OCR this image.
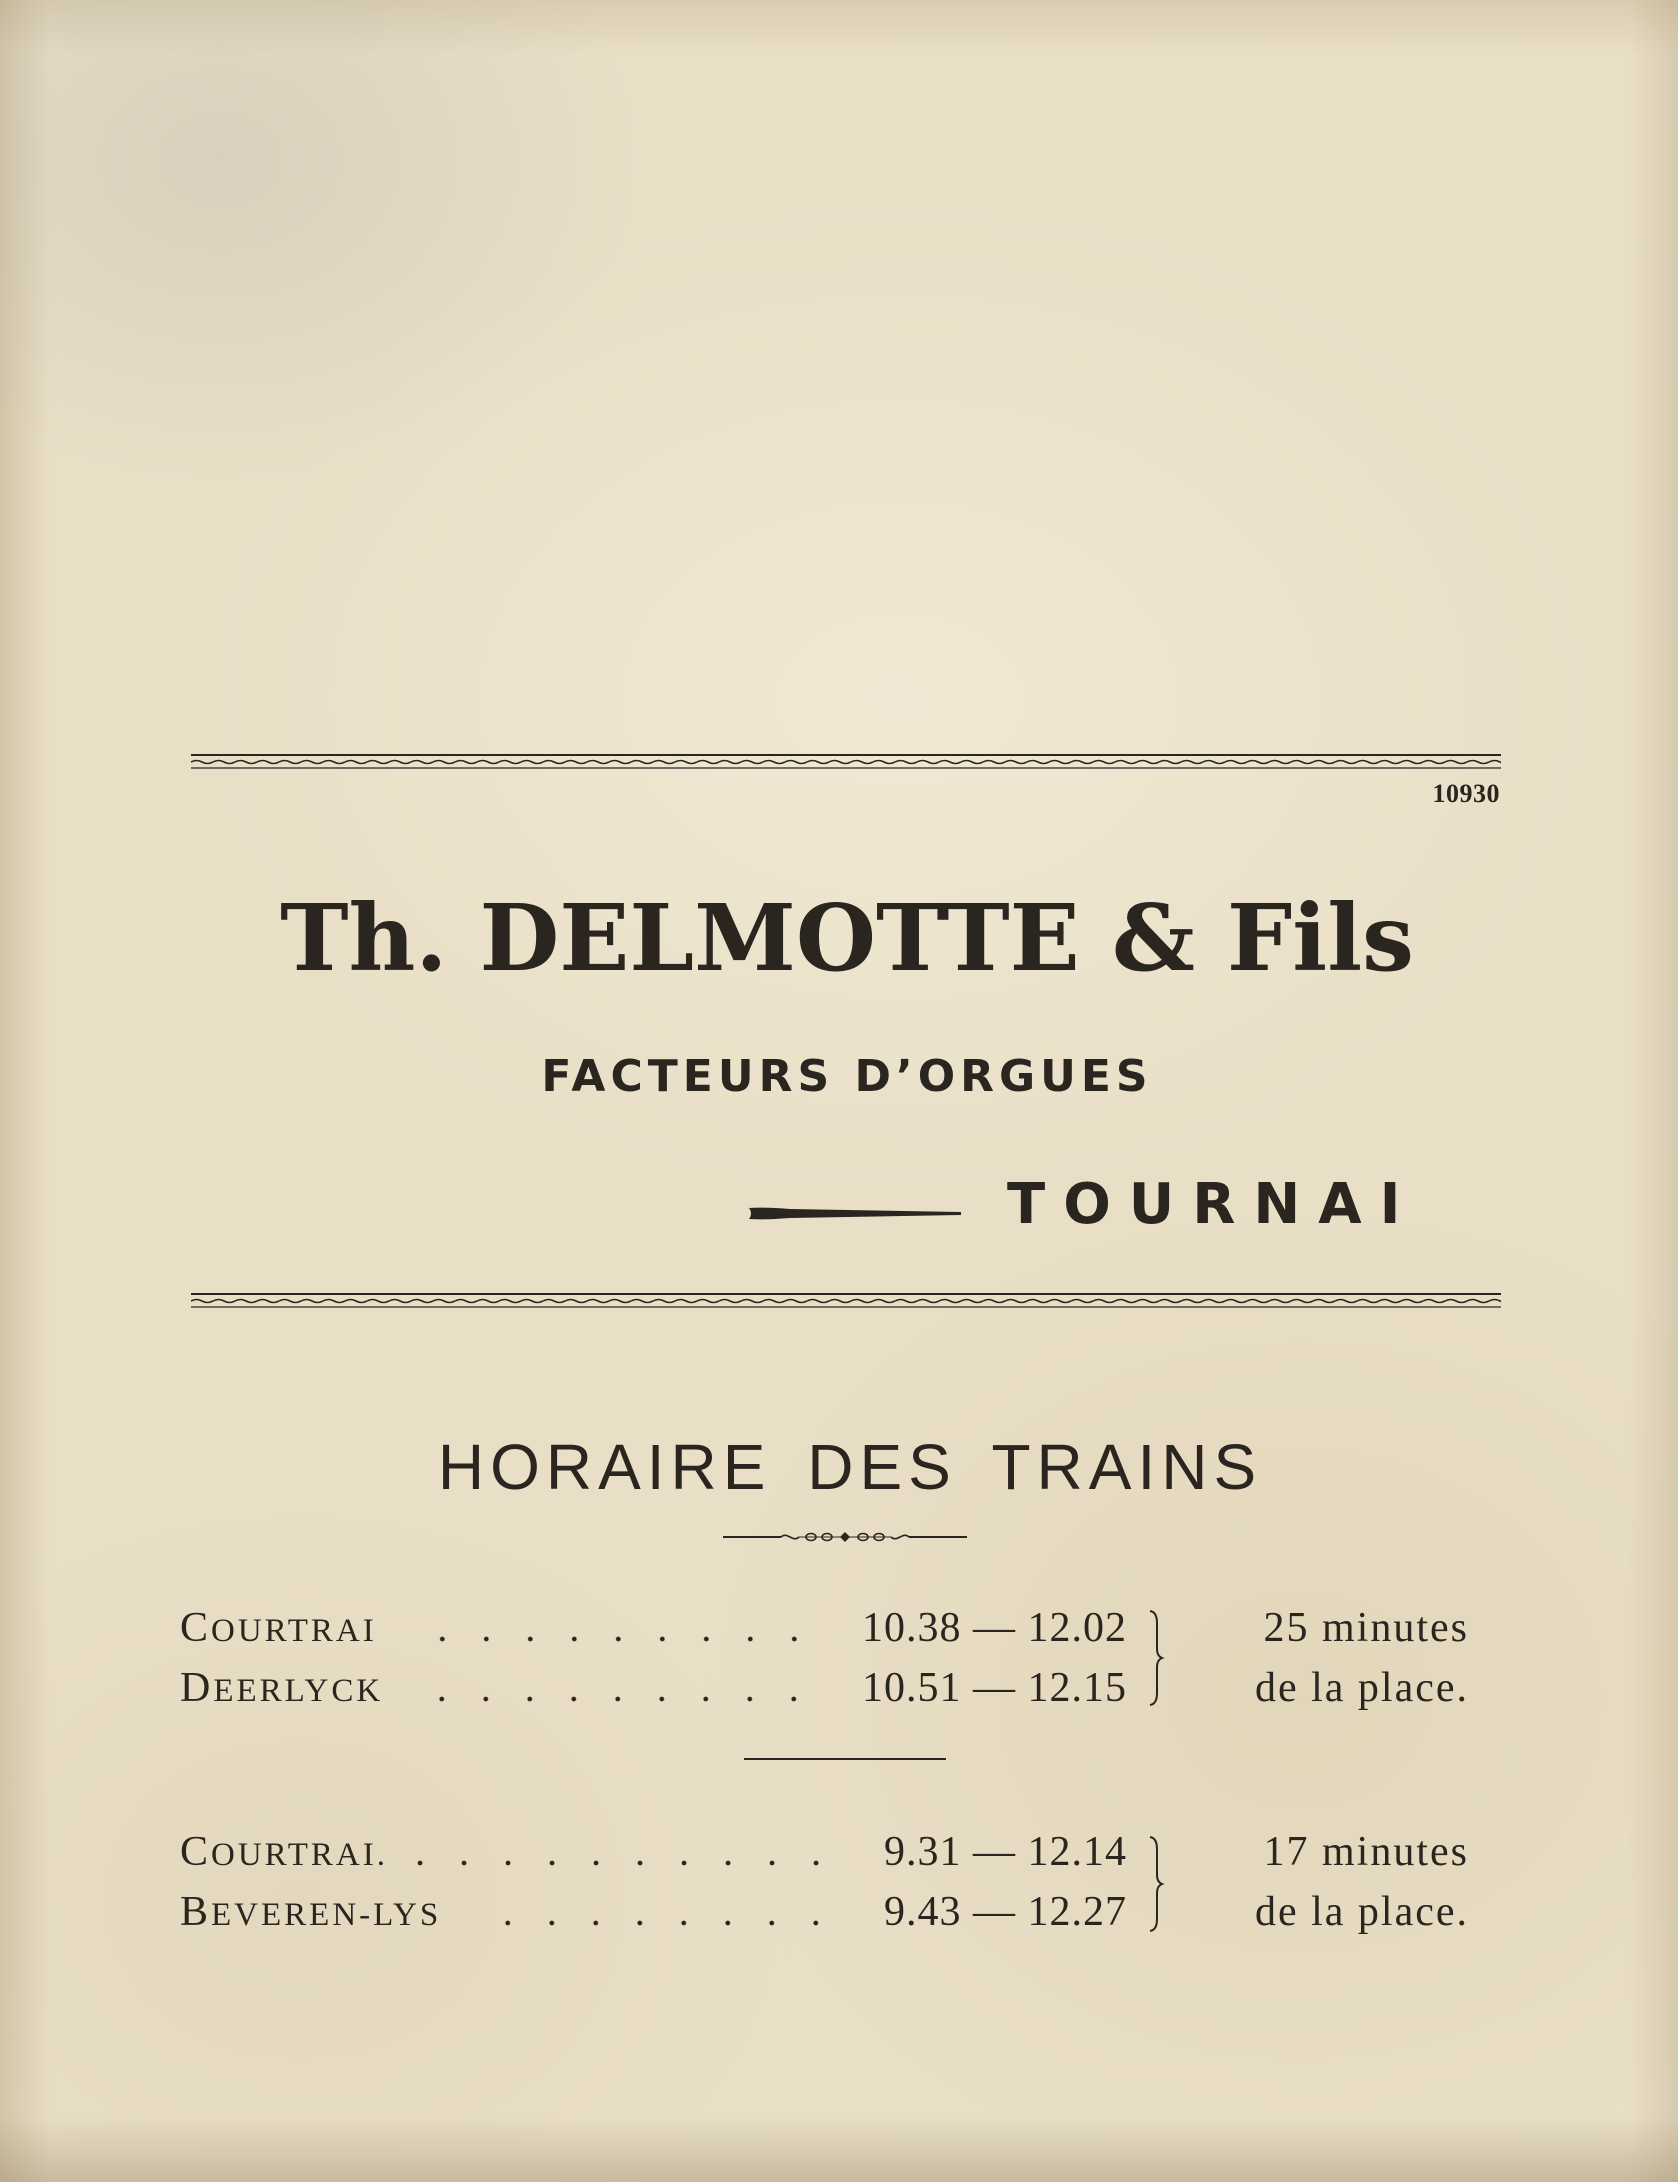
10930
Th. DELMOTTE & Fils
FACTEURS D’ORGUES
TOURNAI
HORAIRE DES TRAINS
COURTRAI	10.38 — 12.02
DEERLYCK	10.51 — 12.15
25 minutes
de la place.
COURTRAI.	9.31 — 12.14
BEVEREN-LYS	9.43 — 12.27
17 minutes
de la place.
